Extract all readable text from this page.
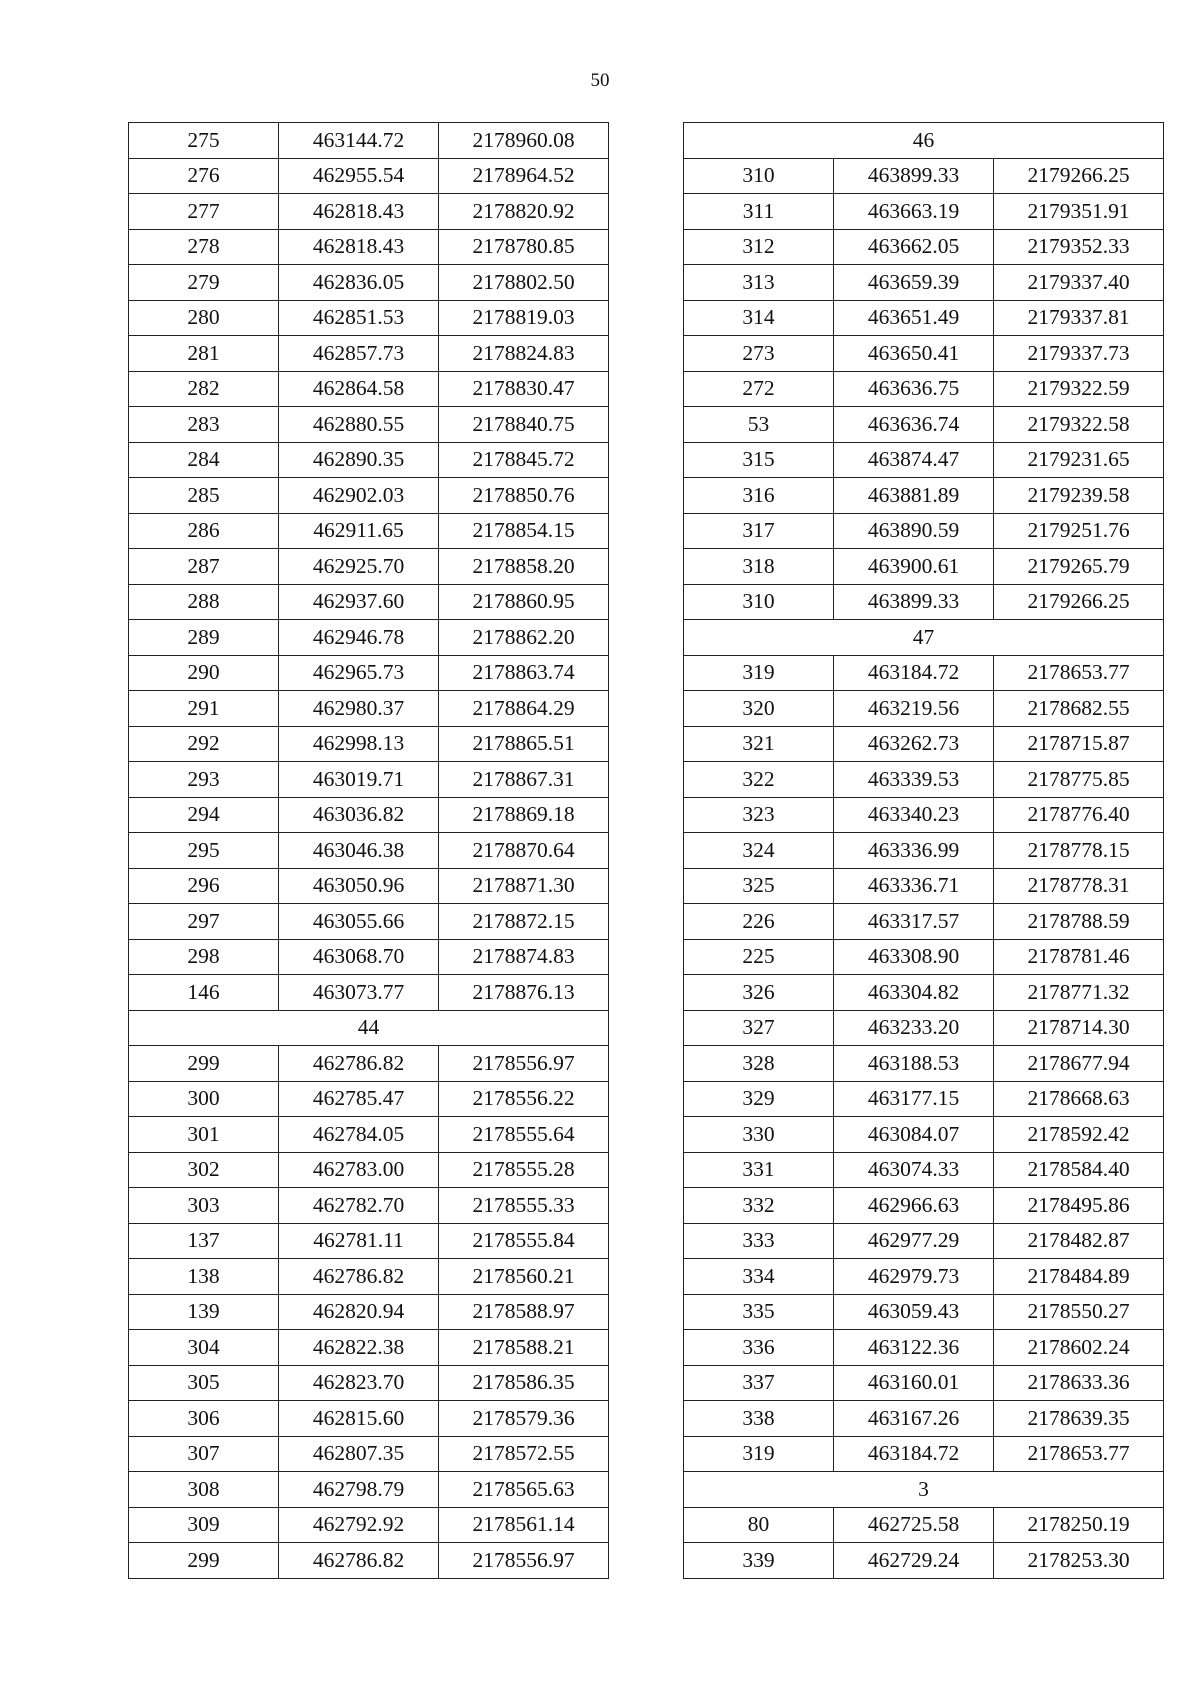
50
275	463144.72	2178960.08
276	462955.54	2178964.52
277	462818.43	2178820.92
278	462818.43	2178780.85
279	462836.05	2178802.50
280	462851.53	2178819.03
281	462857.73	2178824.83
282	462864.58	2178830.47
283	462880.55	2178840.75
284	462890.35	2178845.72
285	462902.03	2178850.76
286	462911.65	2178854.15
287	462925.70	2178858.20
288	462937.60	2178860.95
289	462946.78	2178862.20
290	462965.73	2178863.74
291	462980.37	2178864.29
292	462998.13	2178865.51
293	463019.71	2178867.31
294	463036.82	2178869.18
295	463046.38	2178870.64
296	463050.96	2178871.30
297	463055.66	2178872.15
298	463068.70	2178874.83
146	463073.77	2178876.13
44		
299	462786.82	2178556.97
300	462785.47	2178556.22
301	462784.05	2178555.64
302	462783.00	2178555.28
303	462782.70	2178555.33
137	462781.11	2178555.84
138	462786.82	2178560.21
139	462820.94	2178588.97
304	462822.38	2178588.21
305	462823.70	2178586.35
306	462815.60	2178579.36
307	462807.35	2178572.55
308	462798.79	2178565.63
309	462792.92	2178561.14
299	462786.82	2178556.97
46		
310	463899.33	2179266.25
311	463663.19	2179351.91
312	463662.05	2179352.33
313	463659.39	2179337.40
314	463651.49	2179337.81
273	463650.41	2179337.73
272	463636.75	2179322.59
53	463636.74	2179322.58
315	463874.47	2179231.65
316	463881.89	2179239.58
317	463890.59	2179251.76
318	463900.61	2179265.79
310	463899.33	2179266.25
47		
319	463184.72	2178653.77
320	463219.56	2178682.55
321	463262.73	2178715.87
322	463339.53	2178775.85
323	463340.23	2178776.40
324	463336.99	2178778.15
325	463336.71	2178778.31
226	463317.57	2178788.59
225	463308.90	2178781.46
326	463304.82	2178771.32
327	463233.20	2178714.30
328	463188.53	2178677.94
329	463177.15	2178668.63
330	463084.07	2178592.42
331	463074.33	2178584.40
332	462966.63	2178495.86
333	462977.29	2178482.87
334	462979.73	2178484.89
335	463059.43	2178550.27
336	463122.36	2178602.24
337	463160.01	2178633.36
338	463167.26	2178639.35
319	463184.72	2178653.77
3		
80	462725.58	2178250.19
339	462729.24	2178253.30
